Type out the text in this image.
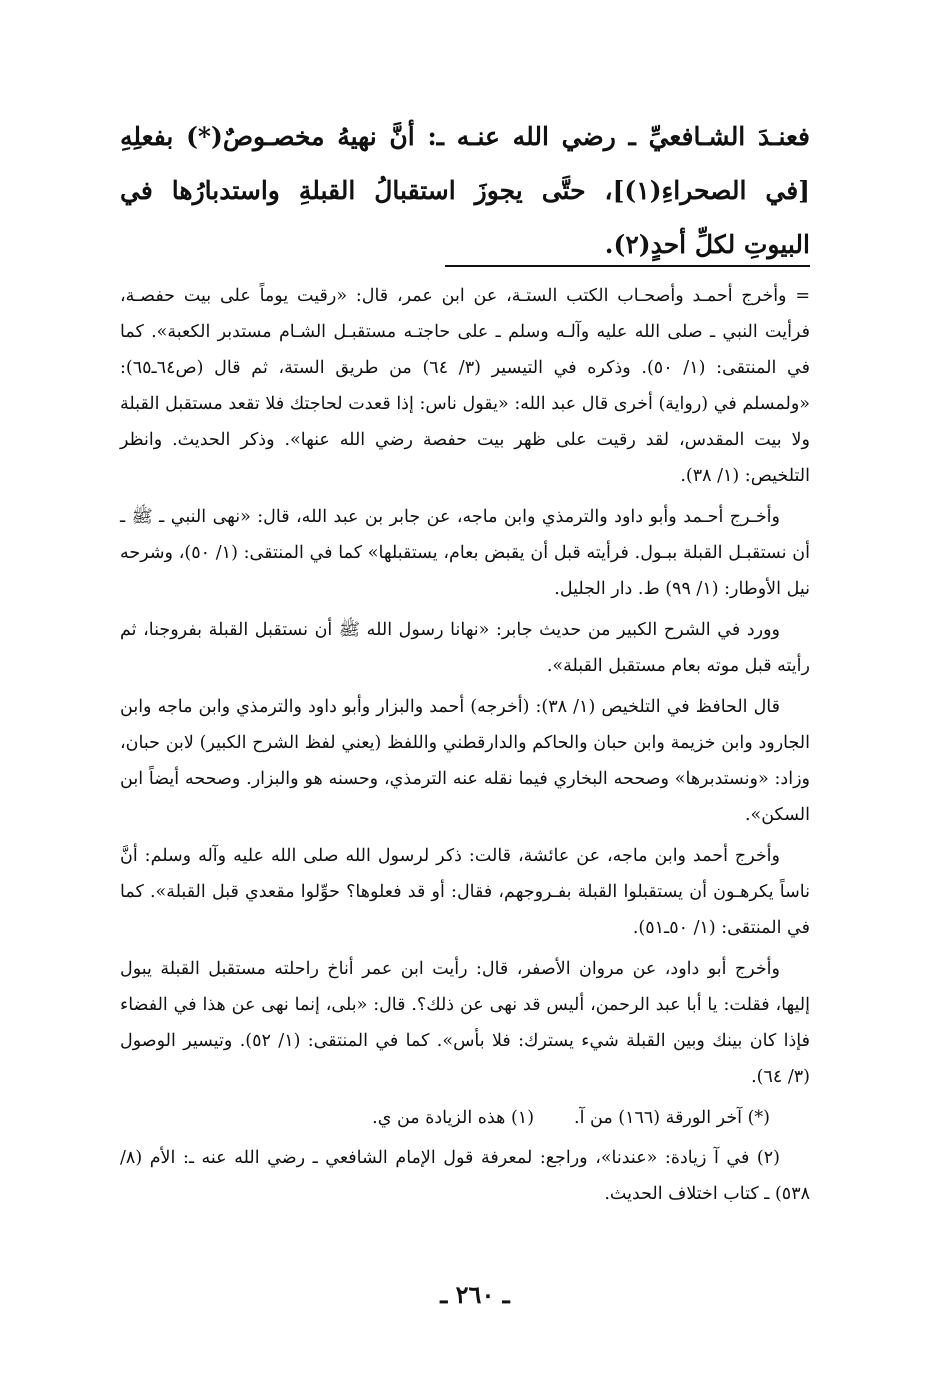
فعنـدَ الشـافعيِّ ـ رضي الله عنـه ـ: أنَّ نهيهُ مخصـوصٌ(*) بفعلِهِ [في الصحراءِ(١)]، حتَّى يجوزَ استقبالُ القبلةِ واستدبارُها في البيوتِ لكلِّ أحدٍ(٢).

= وأخرج أحمـد وأصحـاب الكتب الستـة، عن ابن عمر، قال: «رقيت يوماً على بيت حفصـة، فرأيت النبي ـ صلى الله عليه وآلـه وسلم ـ على حاجتـه مستقبـل الشـام مستدبر الكعبة». كما في المنتقى: (١/ ٥٠). وذكره في التيسير (٣/ ٦٤) من طريق الستة، ثم قال (ص٦٤ـ٦٥): «ولمسلم في (رواية) أخرى قال عبد الله: «يقول ناس: إذا قعدت لحاجتك فلا تقعد مستقبل القبلة ولا بيت المقدس، لقد رقيت على ظهر بيت حفصة رضي الله عنها». وذكر الحديث. وانظر التلخيص: (١/ ٣٨).

وأخـرج أحـمد وأبو داود والترمذي وابن ماجه، عن جابر بن عبد الله، قال: «نهى النبي ـ ﷺ ـ أن نستقبـل القبلة ببـول. فرأيته قبل أن يقبض بعام، يستقبلها» كما في المنتقى: (١/ ٥٠)، وشرحه نيل الأوطار: (١/ ٩٩) ط. دار الجليل.

وورد في الشرح الكبير من حديث جابر: «نهانا رسول الله ﷺ أن نستقبل القبلة بفروجنا، ثم رأيته قبل موته بعام مستقبل القبلة».

قال الحافظ في التلخيص (١/ ٣٨): (أخرجه) أحمد والبزار وأبو داود والترمذي وابن ماجه وابن الجارود وابن خزيمة وابن حبان والحاكم والدارقطني واللفظ (يعني لفظ الشرح الكبير) لابن حبان، وزاد: «ونستدبرها» وصححه البخاري فيما نقله عنه الترمذي، وحسنه هو والبزار. وصححه أيضاً ابن السكن».

وأخرج أحمد وابن ماجه، عن عائشة، قالت: ذكر لرسول الله صلى الله عليه وآله وسلم: أنَّ ناساً يكرهـون أن يستقبلوا القبلة بفـروجهم، فقال: أو قد فعلوها؟ حوِّلوا مقعدي قبل القبلة». كما في المنتقى: (١/ ٥٠ـ٥١).

وأخرج أبو داود، عن مروان الأصفر، قال: رأيت ابن عمر أناخ راحلته مستقبل القبلة يبول إليها، فقلت: يا أبا عبد الرحمن، أليس قد نهى عن ذلك؟. قال: «بلى، إنما نهى عن هذا في الفضاء فإذا كان بينك وبين القبلة شيء يسترك: فلا بأس». كما في المنتقى: (١/ ٥٢). وتيسير الوصول (٣/ ٦٤).

(*) آخر الورقة (١٦٦) من آ.
(١) هذه الزيادة من ي.

(٢) في آ زيادة: «عندنا»، وراجع: لمعرفة قول الإمام الشافعي ـ رضي الله عنه ـ: الأم (٨/ ٥٣٨) ـ كتاب اختلاف الحديث.

ـ ٢٦٠ ـ
